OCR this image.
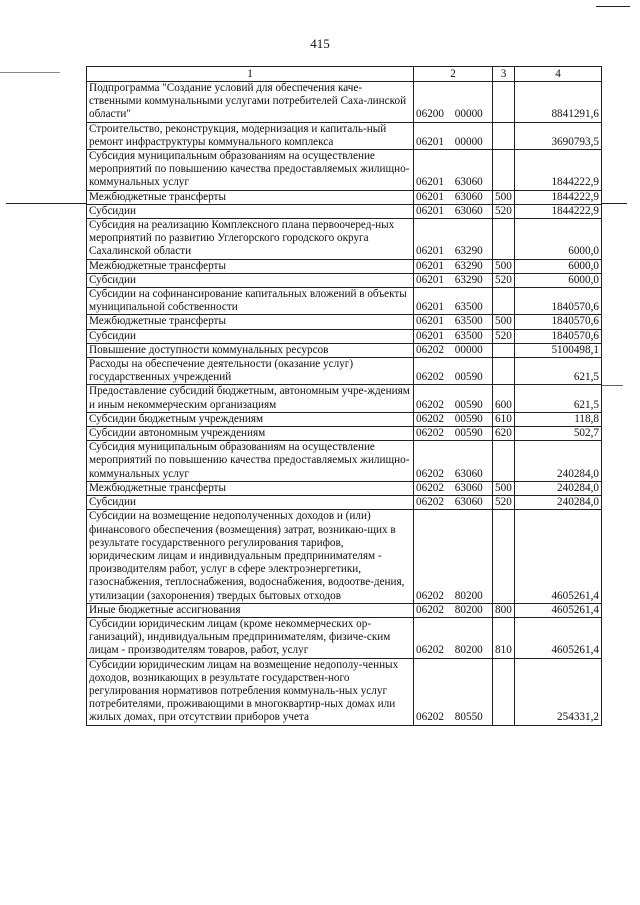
415
1	2	3	4
Подпрограмма "Создание условий для обеспечения каче-ственными коммунальными услугами потребителей Саха-линской области"	06200 00000		8841291,6
Строительство, реконструкция, модернизация и капиталь-ный ремонт инфраструктуры коммунального комплекса	06201 00000		3690793,5
Субсидия муниципальным образованиям на осуществление мероприятий по повышению качества предоставляемых жилищно-коммунальных услуг	06201 63060		1844222,9
Межбюджетные трансферты	06201 63060	500	1844222,9
Субсидии	06201 63060	520	1844222,9
Субсидия на реализацию Комплексного плана первоочеред-ных мероприятий по развитию Углегорского городского округа Сахалинской области	06201 63290		6000,0
Межбюджетные трансферты	06201 63290	500	6000,0
Субсидии	06201 63290	520	6000,0
Субсидии на софинансирование капитальных вложений в объекты муниципальной собственности	06201 63500		1840570,6
Межбюджетные трансферты	06201 63500	500	1840570,6
Субсидии	06201 63500	520	1840570,6
Повышение доступности коммунальных ресурсов	06202 00000		5100498,1
Расходы на обеспечение деятельности (оказание услуг) государственных учреждений	06202 00590		621,5
Предоставление субсидий бюджетным, автономным учре-ждениям и иным некоммерческим организациям	06202 00590	600	621,5
Субсидии бюджетным учреждениям	06202 00590	610	118,8
Субсидии автономным учреждениям	06202 00590	620	502,7
Субсидия муниципальным образованиям на осуществление мероприятий по повышению качества предоставляемых жилищно-коммунальных услуг	06202 63060		240284,0
Межбюджетные трансферты	06202 63060	500	240284,0
Субсидии	06202 63060	520	240284,0
Субсидии на возмещение недополученных доходов и (или) финансового обеспечения (возмещения) затрат, возникаю-щих в результате государственного регулирования тарифов, юридическим лицам и индивидуальным предпринимателям - производителям работ, услуг в сфере электроэнергетики, газоснабжения, теплоснабжения, водоснабжения, водоотве-дения, утилизации (захоронения) твердых бытовых отходов	06202 80200		4605261,4
Иные бюджетные ассигнования	06202 80200	800	4605261,4
Субсидии юридическим лицам (кроме некоммерческих ор-ганизаций), индивидуальным предпринимателям, физиче-ским лицам - производителям товаров, работ, услуг	06202 80200	810	4605261,4
Субсидии юридическим лицам на возмещение недополу-ченных доходов, возникающих в результате государствен-ного регулирования нормативов потребления коммуналь-ных услуг потребителями, проживающими в многоквартир-ных домах или жилых домах, при отсутствии приборов учета	06202 80550		254331,2
